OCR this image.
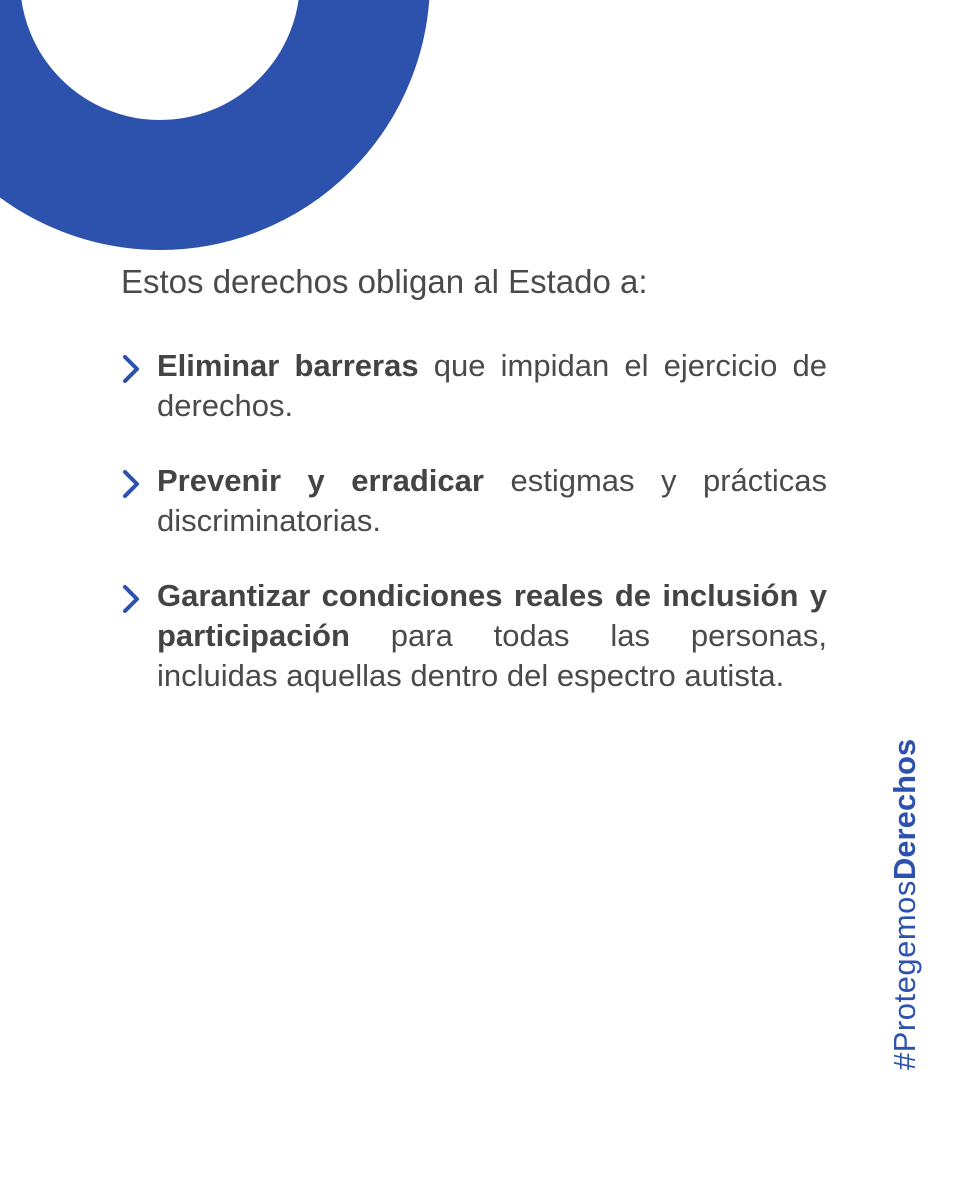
Estos derechos obligan al Estado a:

Eliminar barreras que impidan el ejercicio de derechos.
Prevenir y erradicar estigmas y prácticas discriminatorias.
Garantizar condiciones reales de inclusión y participación para todas las personas, incluidas aquellas dentro del espectro autista.
#ProtegemosDerechos
